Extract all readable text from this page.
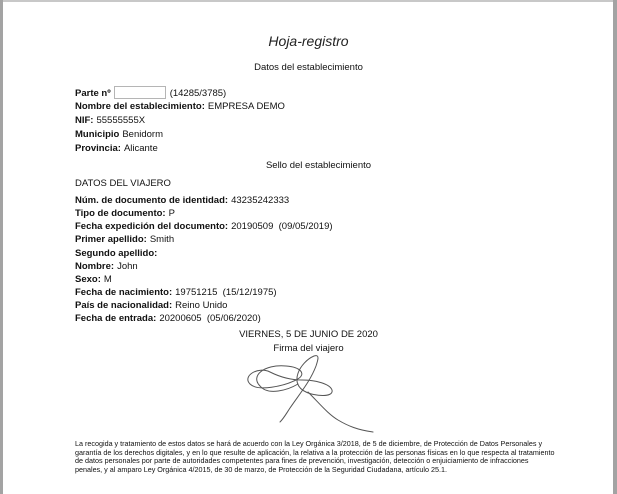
Hoja-registro
Datos del establecimiento
Parte nº	(14285/3785)
Nombre del establecimiento: EMPRESA DEMO
NIF: 55555555X
Municipio Benidorm
Provincia: Alicante
Sello del establecimiento
DATOS DEL VIAJERO
Núm. de documento de identidad: 43235242333
Tipo de documento: P
Fecha expedición del documento: 20190509  (09/05/2019)
Primer apellido: Smith
Segundo apellido:
Nombre: John
Sexo: M
Fecha de nacimiento: 19751215  (15/12/1975)
País de nacionalidad: Reino Unido
Fecha de entrada: 20200605  (05/06/2020)
VIERNES, 5 DE JUNIO DE 2020
Firma del viajero
La recogida y tratamiento de estos datos se hará de acuerdo con la Ley Orgánica 3/2018, de 5 de diciembre, de Protección de Datos Personales y garantía de los derechos digitales, y en lo que resulte de aplicación, la relativa a la protección de las personas físicas en lo que respecta al tratamiento de datos personales por parte de autoridades competentes para fines de prevención, investigación, detección o enjuiciamiento de infracciones penales, y al amparo Ley Orgánica 4/2015, de 30 de marzo, de Protección de la Seguridad Ciudadana, artículo 25.1.
